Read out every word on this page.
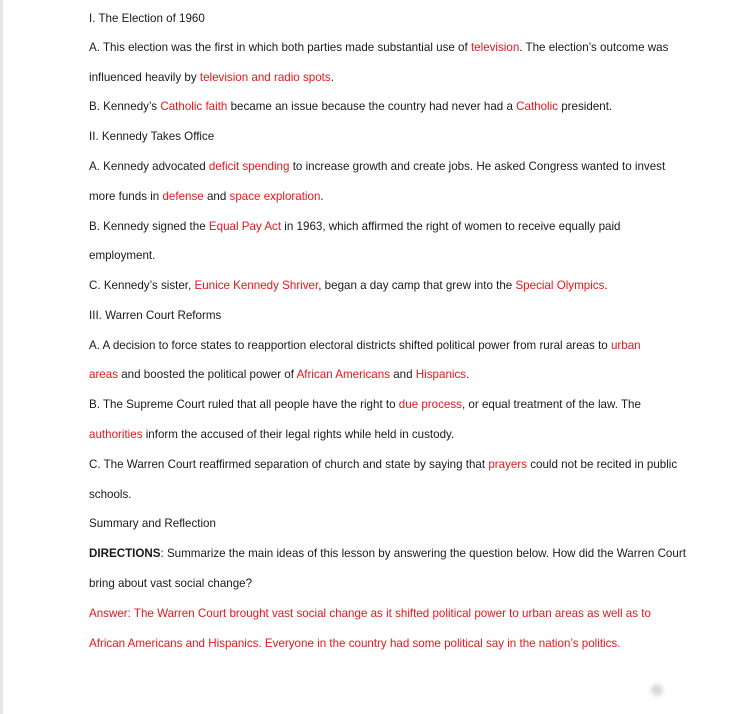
I. The Election of 1960
A. This election was the first in which both parties made substantial use of television. The election’s outcome was
influenced heavily by television and radio spots.
B. Kennedy’s Catholic faith became an issue because the country had never had a Catholic president.
II. Kennedy Takes Office
A. Kennedy advocated deficit spending to increase growth and create jobs. He asked Congress wanted to invest
more funds in defense and space exploration.
B. Kennedy signed the Equal Pay Act in 1963, which affirmed the right of women to receive equally paid
employment.
C. Kennedy’s sister, Eunice Kennedy Shriver, began a day camp that grew into the Special Olympics.
III. Warren Court Reforms
A. A decision to force states to reapportion electoral districts shifted political power from rural areas to urban
areas and boosted the political power of African Americans and Hispanics.
B. The Supreme Court ruled that all people have the right to due process, or equal treatment of the law. The
authorities inform the accused of their legal rights while held in custody.
C. The Warren Court reaffirmed separation of church and state by saying that prayers could not be recited in public
schools.
Summary and Reflection
DIRECTIONS: Summarize the main ideas of this lesson by answering the question below. How did the Warren Court
bring about vast social change?
Answer: The Warren Court brought vast social change as it shifted political power to urban areas as well as to
African Americans and Hispanics. Everyone in the country had some political say in the nation’s politics.
